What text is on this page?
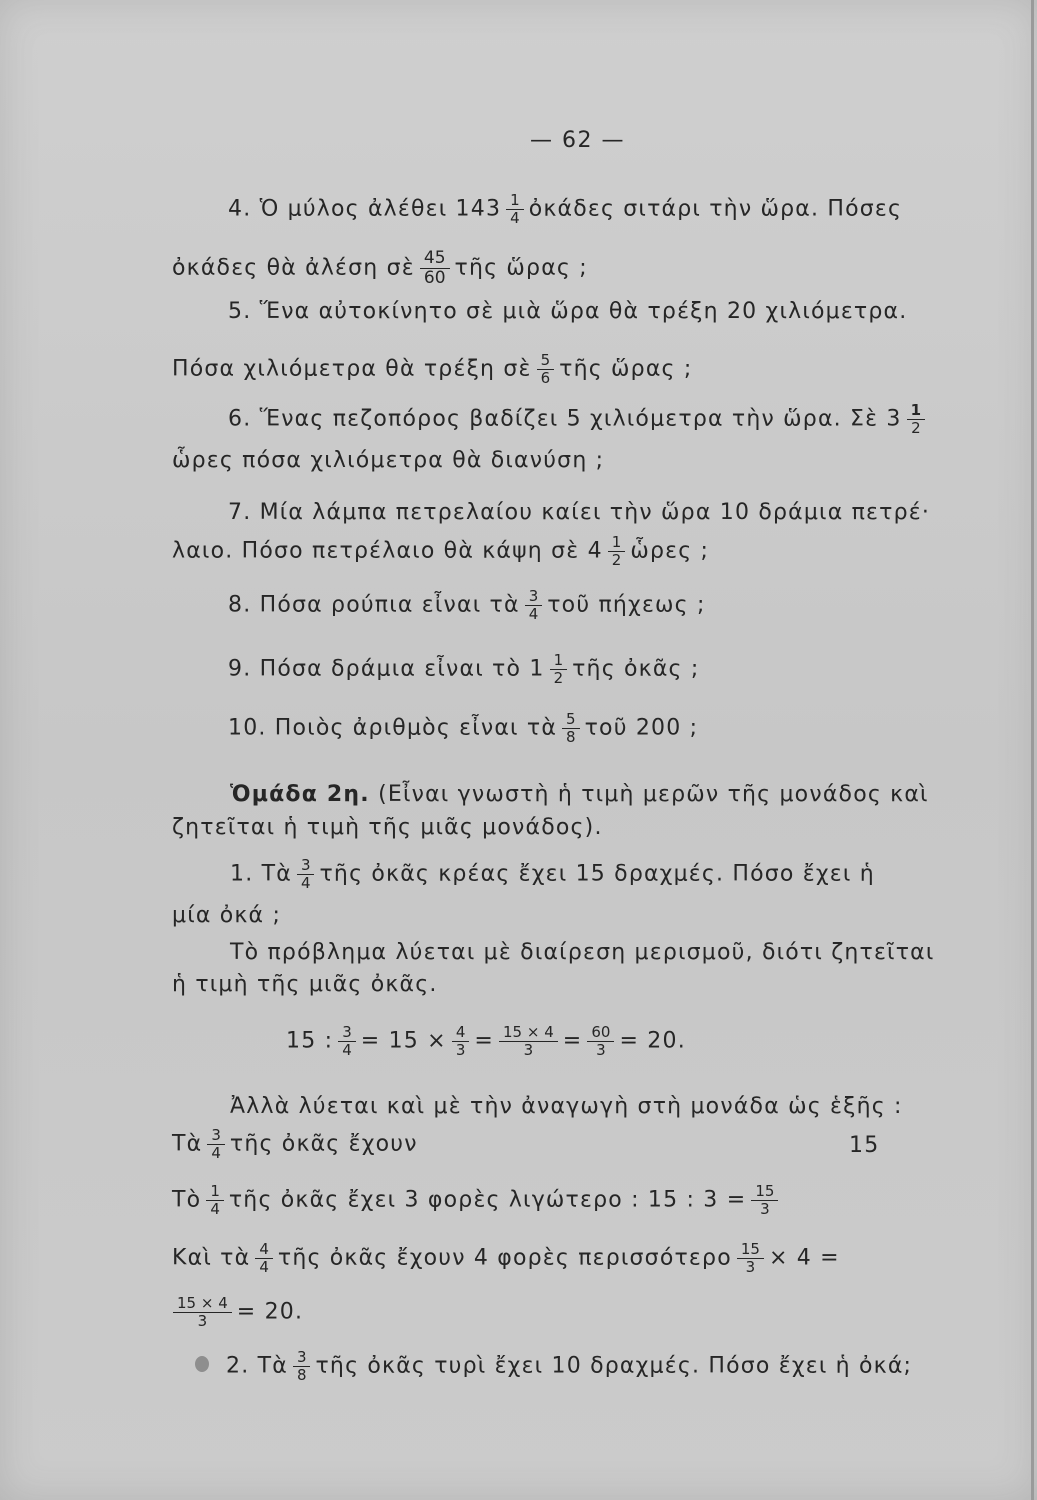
— 62 —
4. Ὁ μύλος ἀλέθει $143 \frac{1}{4}$ ὀκάδες σιτάρι τὴν ὥρα. Πόσες
ὀκάδες θὰ ἀλέση σὲ $\frac{45}{60}$ τῆς ὥρας ;
5. Ἕνα αὐτοκίνητο σὲ μιὰ ὥρα θὰ τρέξη 20 χιλιόμετρα.
Πόσα χιλιόμετρα θὰ τρέξη σὲ $\frac{5}{6}$ τῆς ὥρας ;
6. Ἕνας πεζοπόρος βαδίζει 5 χιλιόμετρα τὴν ὥρα. Σὲ $3 \frac{1}{2}$
ὧρες πόσα χιλιόμετρα θὰ διανύση ;
7. Μία λάμπα πετρελαίου καίει τὴν ὥρα 10 δράμια πετρέ·
λαιο. Πόσο πετρέλαιο θὰ κάψη σὲ $4 \frac{1}{2}$ ὧρες ;
8. Πόσα ρούπια εἶναι τὰ $\frac{3}{4}$ τοῦ πήχεως ;
9. Πόσα δράμια εἶναι τὸ $1 \frac{1}{2}$ τῆς ὀκᾶς ;
10. Ποιὸς ἀριθμὸς εἶναι τὰ $\frac{5}{8}$ τοῦ 200 ;
Ὁμάδα 2η. (Εἶναι γνωστὴ ἡ τιμὴ μερῶν τῆς μονάδος καὶ
ζητεῖται ἡ τιμὴ τῆς μιᾶς μονάδος).
1. Τὰ $\frac{3}{4}$ τῆς ὀκᾶς κρέας ἔχει 15 δραχμές. Πόσο ἔχει ἡ
μία ὀκά ;
Τὸ πρόβλημα λύεται μὲ διαίρεση μερισμοῦ, διότι ζητεῖται
ἡ τιμὴ τῆς μιᾶς ὀκᾶς.
15 : $\frac{3}{4} = 15 \times \frac{4}{3} = \frac{15 \times 4}{3} = \frac{60}{3} = 20$.
Ἀλλὰ λύεται καὶ μὲ τὴν ἀναγωγὴ στὴ μονάδα ὡς ἑξῆς :
Τὰ $\frac{3}{4}$ τῆς ὀκᾶς ἔχουν	15
Τὸ $\frac{1}{4}$ τῆς ὀκᾶς ἔχει 3 φορὲς λιγώτερο : 15 : $3 = \frac{15}{3}$
Καὶ τὰ $\frac{4}{4}$ τῆς ὀκᾶς ἔχουν 4 φορὲς περισσότερο $\frac{15}{3} \times 4$ =
$\frac{15 \times 4}{3} = 20$.
2. Τὰ $\frac{3}{8}$ τῆς ὀκᾶς τυρὶ ἔχει 10 δραχμές. Πόσο ἔχει ἡ ὀκά;
